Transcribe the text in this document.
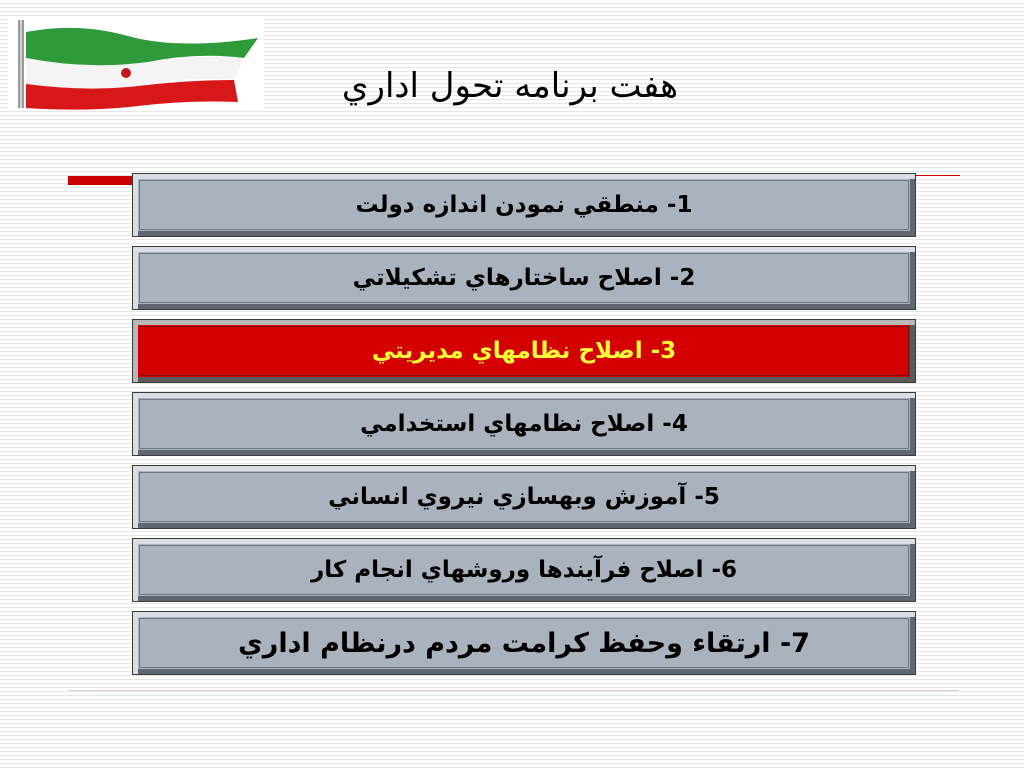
هفت برنامه تحول اداري
1- منطقي نمودن اندازه دولت
2- اصلاح ساختارهاي تشکيلاتي
3- اصلاح نظامهاي مديريتي
4- اصلاح نظامهاي استخدامي
5- آموزش وبهسازي نيروي انساني
6- اصلاح فرآيندها وروشهاي انجام کار
7- ارتقاء وحفظ کرامت مردم درنظام اداري
